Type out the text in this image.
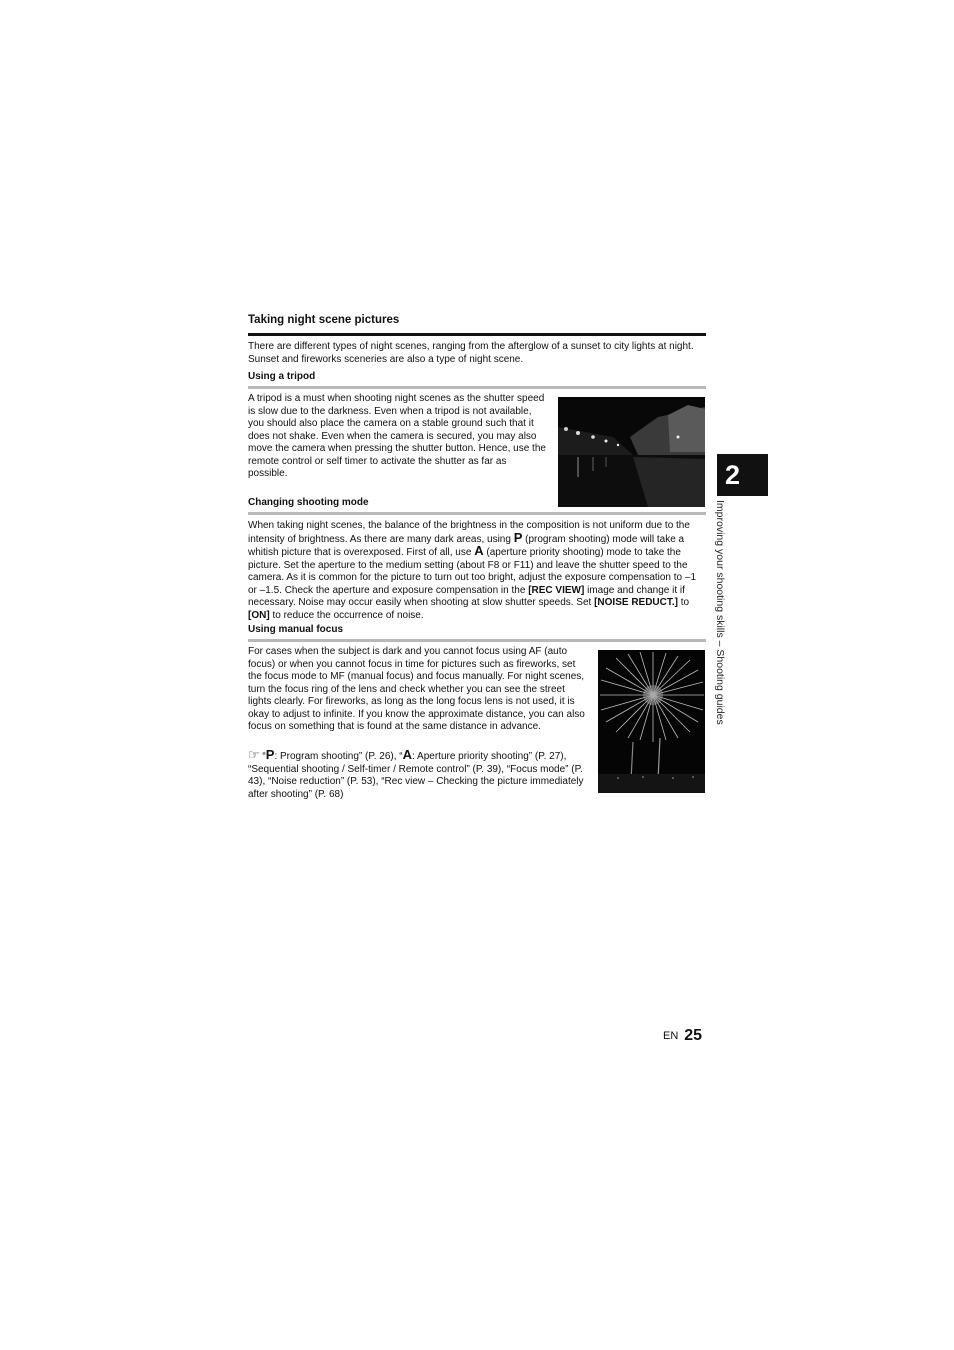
Taking night scene pictures

There are different types of night scenes, ranging from the afterglow of a sunset to city lights at night. Sunset and fireworks sceneries are also a type of night scene.

Using a tripod

A tripod is a must when shooting night scenes as the shutter speed is slow due to the darkness. Even when a tripod is not available, you should also place the camera on a stable ground such that it does not shake. Even when the camera is secured, you may also move the camera when pressing the shutter button. Hence, use the remote control or self timer to activate the shutter as far as possible.

Changing shooting mode

When taking night scenes, the balance of the brightness in the composition is not uniform due to the intensity of brightness. As there are many dark areas, using P (program shooting) mode will take a whitish picture that is overexposed. First of all, use A (aperture priority shooting) mode to take the picture. Set the aperture to the medium setting (about F8 or F11) and leave the shutter speed to the camera. As it is common for the picture to turn out too bright, adjust the exposure compensation to –1 or –1.5. Check the aperture and exposure compensation in the [REC VIEW] image and change it if necessary. Noise may occur easily when shooting at slow shutter speeds. Set [NOISE REDUCT.] to [ON] to reduce the occurrence of noise.

Using manual focus

For cases when the subject is dark and you cannot focus using AF (auto focus) or when you cannot focus in time for pictures such as fireworks, set the focus mode to MF (manual focus) and focus manually. For night scenes, turn the focus ring of the lens and check whether you can see the street lights clearly. For fireworks, as long as the long focus lens is not used, it is okay to adjust to infinite. If you know the approximate distance, you can also focus on something that is found at the same distance in advance.

☞ “P: Program shooting” (P. 26), “A: Aperture priority shooting” (P. 27), “Sequential shooting / Self-timer / Remote control” (P. 39), “Focus mode” (P. 43), “Noise reduction” (P. 53), “Rec view – Checking the picture immediately after shooting” (P. 68)

2
Improving your shooting skills – Shooting guides
EN 25
